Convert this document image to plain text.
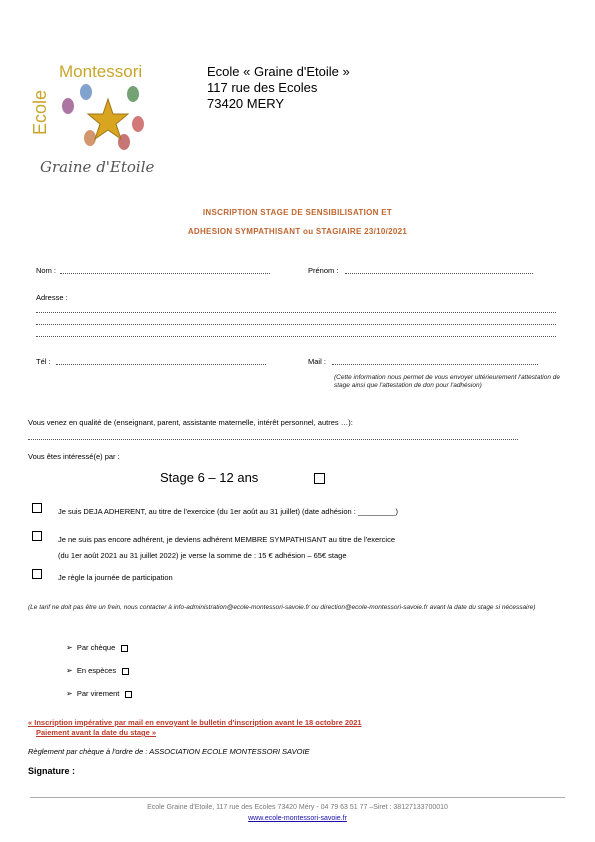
Montessori
Ecole
Graine d'Etoile
Ecole « Graine d'Etoile »
117 rue des Ecoles
73420 MERY
INSCRIPTION STAGE DE SENSIBILISATION ET
ADHESION SYMPATHISANT ou STAGIAIRE 23/10/2021
Nom :	Prénom :
Adresse :
Tél :	Mail :
(Cette information nous permet de vous envoyer ultérieurement l'attestation de stage ainsi que l'attestation de don pour l'adhésion)
Vous venez en qualité de (enseignant, parent, assistante maternelle, intérêt personnel, autres …):
Vous êtes intéressé(e) par :
Stage 6 – 12 ans
Je suis DEJA ADHERENT, au titre de l'exercice (du 1er août au 31 juillet) (date adhésion : _________)
Je ne suis pas encore adhérent, je deviens adhérent MEMBRE SYMPATHISANT au titre de l'exercice
(du 1er août 2021 au 31 juillet 2022) je verse la somme de : 15 € adhésion – 65€ stage
Je règle la journée de participation
(Le tarif ne doit pas être un frein, nous contacter à info-administration@ecole-montessori-savoie.fr ou direction@ecole-montessori-savoie.fr avant la date du stage si nécessaire)
➢ Par chèque
➢ En espèces
➢ Par virement
« Inscription impérative par mail en envoyant le bulletin d'inscription avant le 18 octobre 2021
Paiement avant la date du stage »
Règlement par chèque à l'ordre de : ASSOCIATION ECOLE MONTESSORI SAVOIE
Signature :
Ecole Graine d'Etoile, 117 rue des Ecoles 73420 Méry - 04 79 63 51 77 –Siret : 38127133700010
www.ecole-montessori-savoie.fr
